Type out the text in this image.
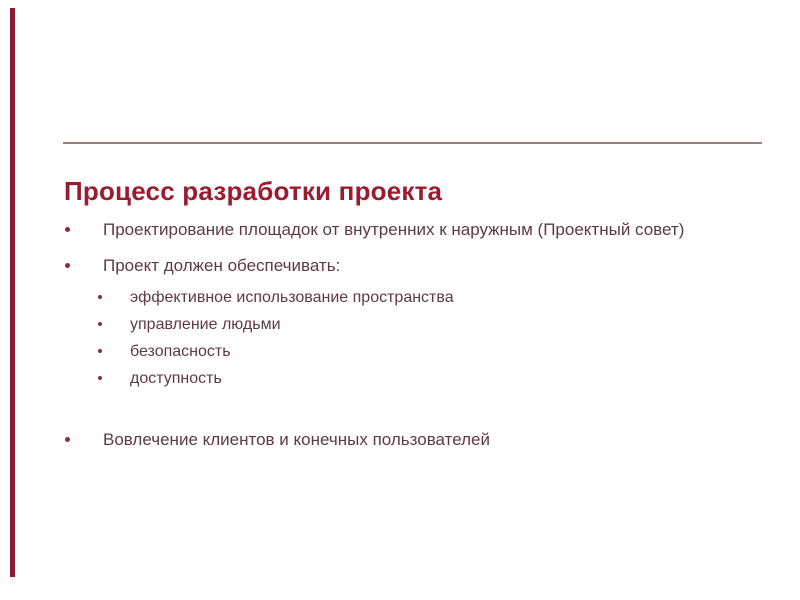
Процесс разработки проекта
Проектирование площадок от внутренних к наружным (Проектный совет)
Проект должен обеспечивать:
эффективное использование пространства
управление людьми
безопасность
доступность
Вовлечение клиентов и конечных пользователей
